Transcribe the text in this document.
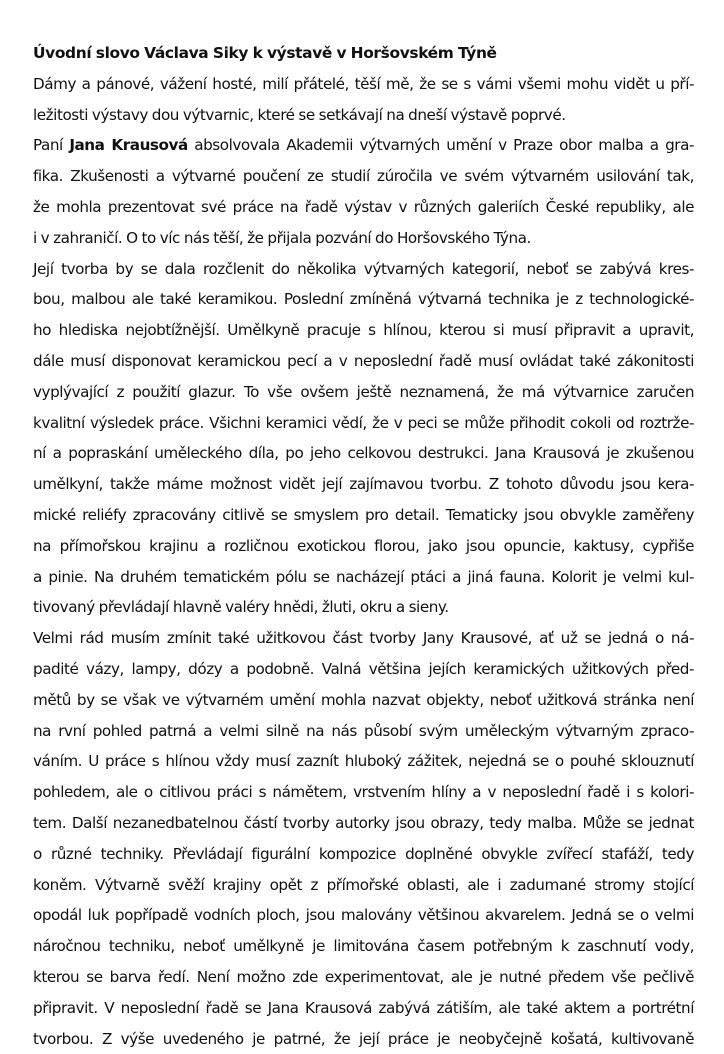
Úvodní slovo Václava Siky k výstavě v Horšovském Týně
Dámy a pánové, vážení hosté, milí přátelé, těší mě, že se s vámi všemi mohu vidět u pří-
ležitosti výstavy dou výtvarnic, které se setkávají na dneší výstavě poprvé.
Paní Jana Krausová absolvovala Akademii výtvarných umění v Praze obor malba a gra-
fika. Zkušenosti a výtvarné poučení ze studií zúročila ve svém výtvarném usilování tak,
že mohla prezentovat své práce na řadě výstav v různých galeriích České republiky, ale
i v zahraničí. O to víc nás těší, že přijala pozvání do Horšovského Týna.
Její tvorba by se dala rozčlenit do několika výtvarných kategorií, neboť se zabývá kres-
bou, malbou ale také keramikou. Poslední zmíněná výtvarná technika je z technologické-
ho hlediska nejobtížnější. Umělkyně pracuje s hlínou, kterou si musí připravit a upravit,
dále musí disponovat keramickou pecí a v neposlední řadě musí ovládat také zákonitosti
vyplývající z použití glazur. To vše ovšem ještě neznamená, že má výtvarnice zaručen
kvalitní výsledek práce. Všichni keramici vědí, že v peci se může přihodit cokoli od roztrže-
ní a popraskání uměleckého díla, po jeho celkovou destrukci. Jana Krausová je zkušenou
umělkyní, takže máme možnost vidět její zajímavou tvorbu. Z tohoto důvodu jsou kera-
mické reliéfy zpracovány citlivě se smyslem pro detail. Tematicky jsou obvykle zaměřeny
na přímořskou krajinu a rozličnou exotickou florou, jako jsou opuncie, kaktusy, cypřiše
a pinie. Na druhém tematickém pólu se nacházejí ptáci a jiná fauna. Kolorit je velmi kul-
tivovaný převládají hlavně valéry hnědi, žluti, okru a sieny.
Velmi rád musím zmínit také užitkovou část tvorby Jany Krausové, ať už se jedná o ná-
padité vázy, lampy, dózy a podobně. Valná většina jejích keramických užitkových před-
mětů by se však ve výtvarném umění mohla nazvat objekty, neboť užitková stránka není
na rvní pohled patrná a velmi silně na nás působí svým uměleckým výtvarným zpraco-
váním. U práce s hlínou vždy musí zaznít hluboký zážitek, nejedná se o pouhé sklouznutí
pohledem, ale o citlivou práci s námětem, vrstvením hlíny a v neposlední řadě i s kolori-
tem. Další nezanedbatelnou částí tvorby autorky jsou obrazy, tedy malba. Může se jednat
o různé techniky. Převládají figurální kompozice doplněné obvykle zvířecí stafáží, tedy
koněm. Výtvarně svěží krajiny opět z přímořské oblasti, ale i zadumané stromy stojící
opodál luk popřípadě vodních ploch, jsou malovány většinou akvarelem. Jedná se o velmi
náročnou techniku, neboť umělkyně je limitována časem potřebným k zaschnutí vody,
kterou se barva ředí. Není možno zde experimentovat, ale je nutné předem vše pečlivě
připravit. V neposlední řadě se Jana Krausová zabývá zátiším, ale také aktem a portrétní
tvorbou. Z výše uvedeného je patrné, že její práce je neobyčejně košatá, kultivovaně
